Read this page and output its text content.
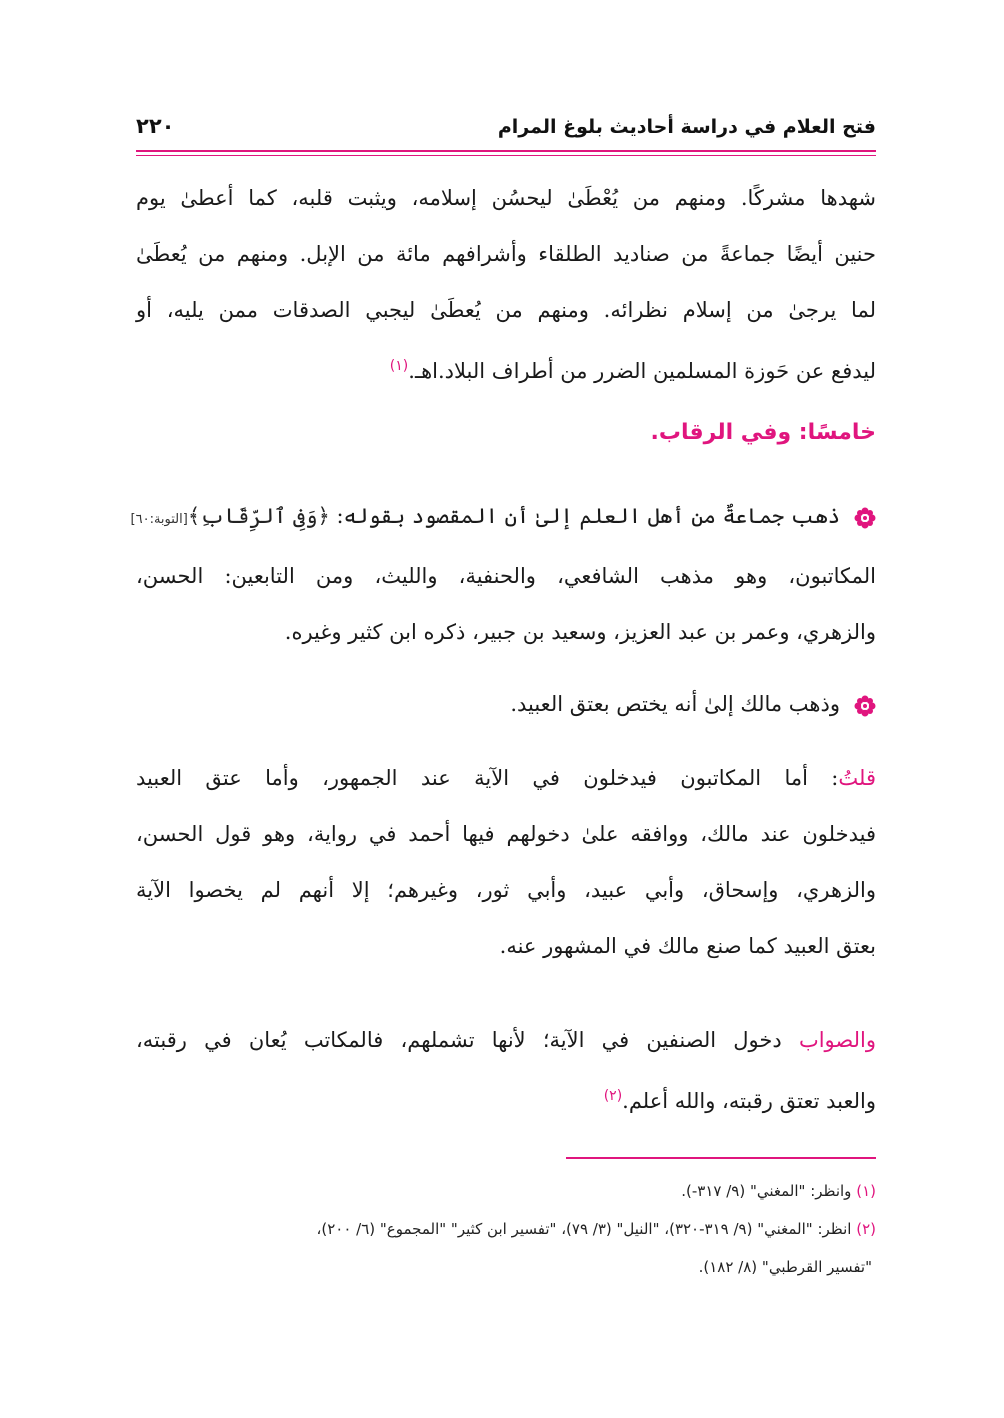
فتح العلام في دراسة أحاديث بلوغ المرام
٢٢٠
شهدها مشركًا. ومنهم من يُعْطَىٰ ليحسُن إسلامه، ويثبت قلبه، كما أعطىٰ يوم
حنين أيضًا جماعةً من صناديد الطلقاء وأشرافهم مائة من الإبل. ومنهم من يُعطَىٰ
لما يرجىٰ من إسلام نظرائه. ومنهم من يُعطَىٰ ليجبي الصدقات ممن يليه، أو
ليدفع عن حَوزة المسلمين الضرر من أطراف البلاد.اهـ.$^{(١)}$
خامسًا: وفي الرقاب.
ذهب جماعةٌ من أهل العلم إلىٰ أن المقصود بقوله: ﴿وَفِى ٱلرِّقَابِ﴾[التوبة:٦٠]
المكاتبون، وهو مذهب الشافعي، والحنفية، والليث، ومن التابعين: الحسن،
والزهري، وعمر بن عبد العزيز، وسعيد بن جبير، ذكره ابن كثير وغيره.
وذهب مالك إلىٰ أنه يختص بعتق العبيد.
قلتُ: أما المكاتبون فيدخلون في الآية عند الجمهور، وأما عتق العبيد
فيدخلون عند مالك، ووافقه علىٰ دخولهم فيها أحمد في رواية، وهو قول الحسن،
والزهري، وإسحاق، وأبي عبيد، وأبي ثور، وغيرهم؛ إلا أنهم لم يخصوا الآية
بعتق العبيد كما صنع مالك في المشهور عنه.
والصواب دخول الصنفين في الآية؛ لأنها تشملهم، فالمكاتب يُعان في رقبته،
والعبد تعتق رقبته، والله أعلم.$^{(٢)}$
(١) وانظر: "المغني" (٩/ ٣١٧-).
(٢) انظر: "المغني" (٩/ ٣١٩-٣٢٠)، "النيل" (٣/ ٧٩)، "تفسير ابن كثير" "المجموع" (٦/ ٢٠٠)،
"تفسير القرطبي" (٨/ ١٨٢).
